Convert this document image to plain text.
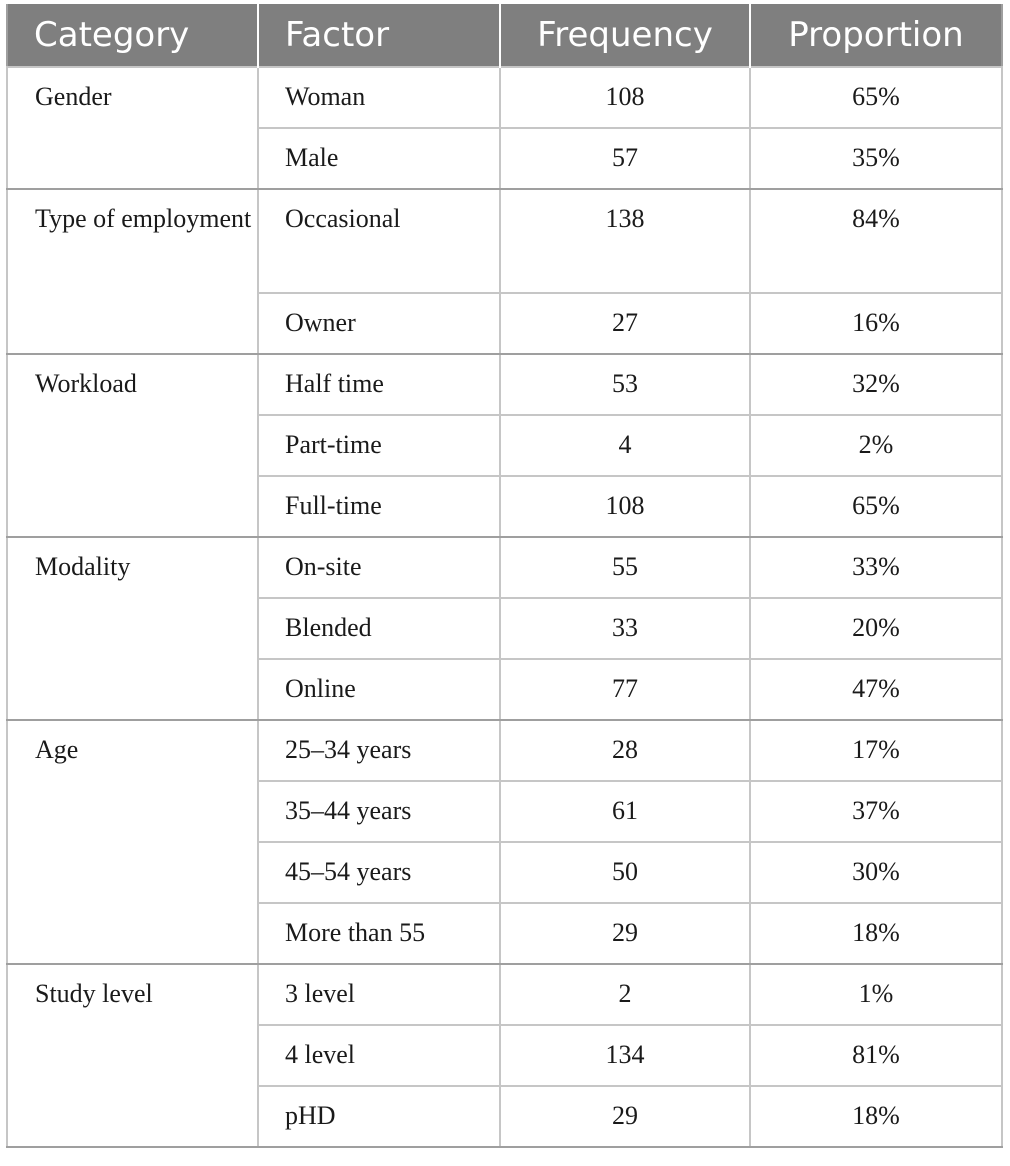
Category	Factor	Frequency	Proportion
Gender	Woman	108	65%
	Male	57	35%
Type of employment	Occasional	138	84%
	Owner	27	16%
Workload	Half time	53	32%
	Part-time	4	2%
	Full-time	108	65%
Modality	On-site	55	33%
	Blended	33	20%
	Online	77	47%
Age	25–34 years	28	17%
	35–44 years	61	37%
	45–54 years	50	30%
	More than 55	29	18%
Study level	3 level	2	1%
	4 level	134	81%
	pHD	29	18%
